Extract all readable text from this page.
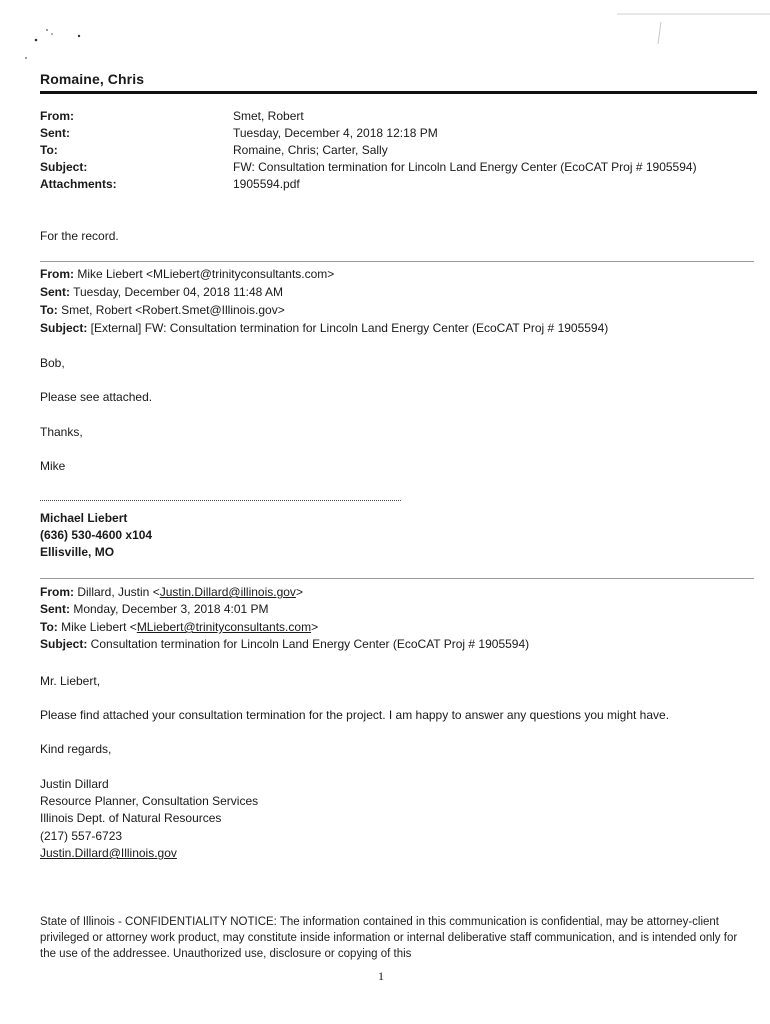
Romaine, Chris
From:	Smet, Robert
Sent:	Tuesday, December 4, 2018 12:18 PM
To:	Romaine, Chris; Carter, Sally
Subject:	FW: Consultation termination for Lincoln Land Energy Center (EcoCAT Proj # 1905594)
Attachments:	1905594.pdf
For the record.
From: Mike Liebert <MLiebert@trinityconsultants.com>
Sent: Tuesday, December 04, 2018 11:48 AM
To: Smet, Robert <Robert.Smet@Illinois.gov>
Subject: [External] FW: Consultation termination for Lincoln Land Energy Center (EcoCAT Proj # 1905594)
Bob,
Please see attached.
Thanks,
Mike
Michael Liebert
(636) 530-4600 x104
Ellisville, MO
From: Dillard, Justin <Justin.Dillard@illinois.gov>
Sent: Monday, December 3, 2018 4:01 PM
To: Mike Liebert <MLiebert@trinityconsultants.com>
Subject: Consultation termination for Lincoln Land Energy Center (EcoCAT Proj # 1905594)
Mr. Liebert,
Please find attached your consultation termination for the project. I am happy to answer any questions you might have.
Kind regards,
Justin Dillard
Resource Planner, Consultation Services
Illinois Dept. of Natural Resources
(217) 557-6723
Justin.Dillard@Illinois.gov
State of Illinois - CONFIDENTIALITY NOTICE: The information contained in this communication is confidential, may be attorney-client privileged or attorney work product, may constitute inside information or internal deliberative staff communication, and is intended only for the use of the addressee. Unauthorized use, disclosure or copying of this
1
